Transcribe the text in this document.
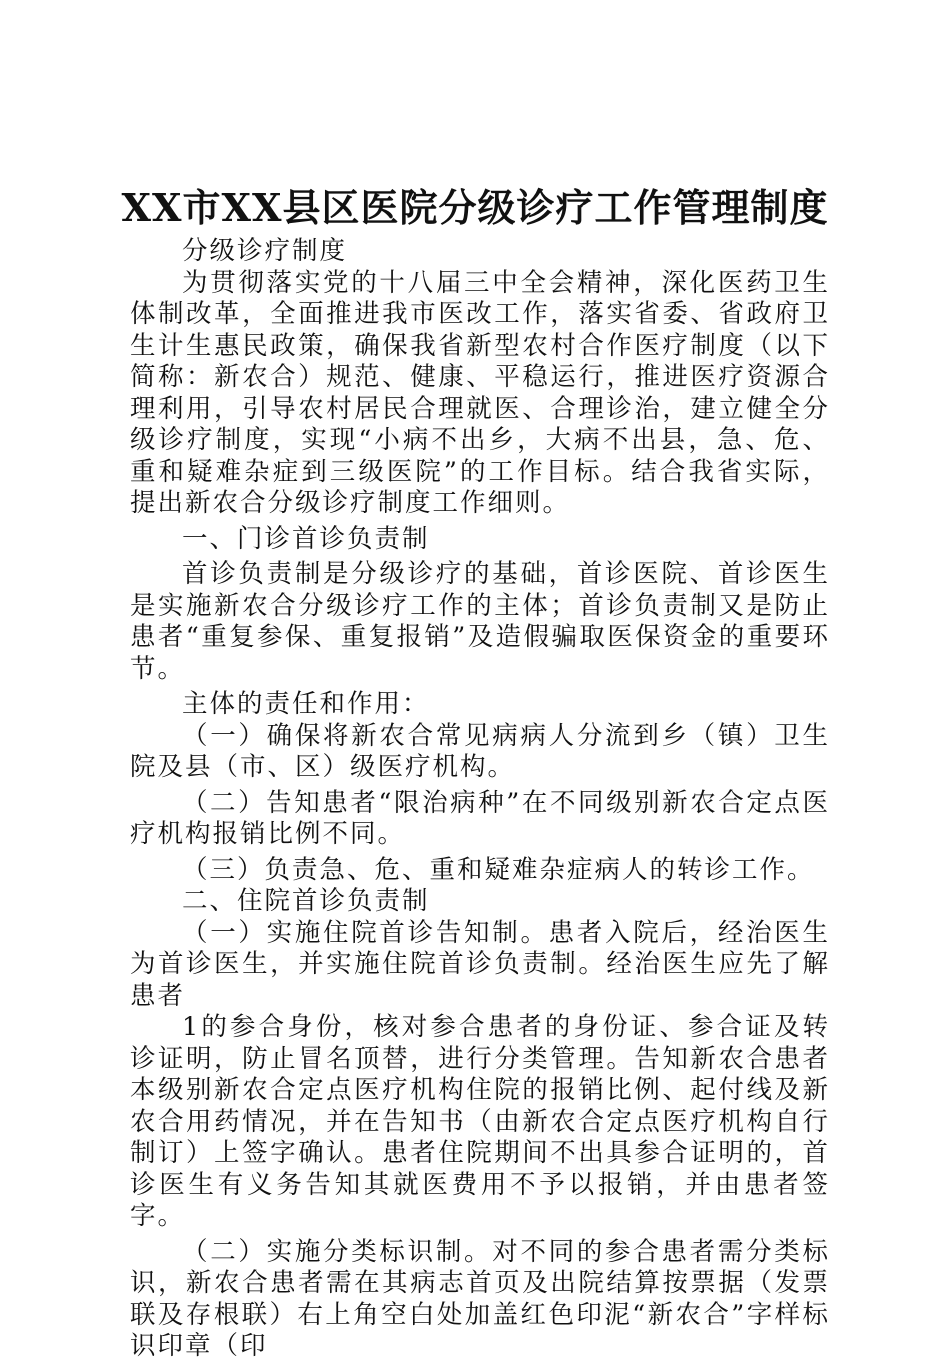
XX市XX县区医院分级诊疗工作管理制度

分级诊疗制度

为贯彻落实党的十八届三中全会精神，深化医药卫生体制改革，全面推进我市医改工作，落实省委、省政府卫生计生惠民政策，确保我省新型农村合作医疗制度（以下简称：新农合）规范、健康、平稳运行，推进医疗资源合理利用，引导农村居民合理就医、合理诊治，建立健全分级诊疗制度，实现“小病不出乡，大病不出县，急、危、重和疑难杂症到三级医院”的工作目标。结合我省实际，提出新农合分级诊疗制度工作细则。

一、门诊首诊负责制

首诊负责制是分级诊疗的基础，首诊医院、首诊医生是实施新农合分级诊疗工作的主体；首诊负责制又是防止患者“重复参保、重复报销”及造假骗取医保资金的重要环节。

主体的责任和作用：

（一）确保将新农合常见病病人分流到乡（镇）卫生院及县（市、区）级医疗机构。

（二）告知患者“限治病种”在不同级别新农合定点医疗机构报销比例不同。

（三）负责急、危、重和疑难杂症病人的转诊工作。

二、住院首诊负责制

（一）实施住院首诊告知制。患者入院后，经治医生为首诊医生，并实施住院首诊负责制。经治医生应先了解患者

1的参合身份，核对参合患者的身份证、参合证及转诊证明，防止冒名顶替，进行分类管理。告知新农合患者本级别新农合定点医疗机构住院的报销比例、起付线及新农合用药情况，并在告知书（由新农合定点医疗机构自行制订）上签字确认。患者住院期间不出具参合证明的，首诊医生有义务告知其就医费用不予以报销，并由患者签字。

（二）实施分类标识制。对不同的参合患者需分类标识，新农合患者需在其病志首页及出院结算按票据（发票联及存根联）右上角空白处加盖红色印泥“新农合”字样标识印章（印
